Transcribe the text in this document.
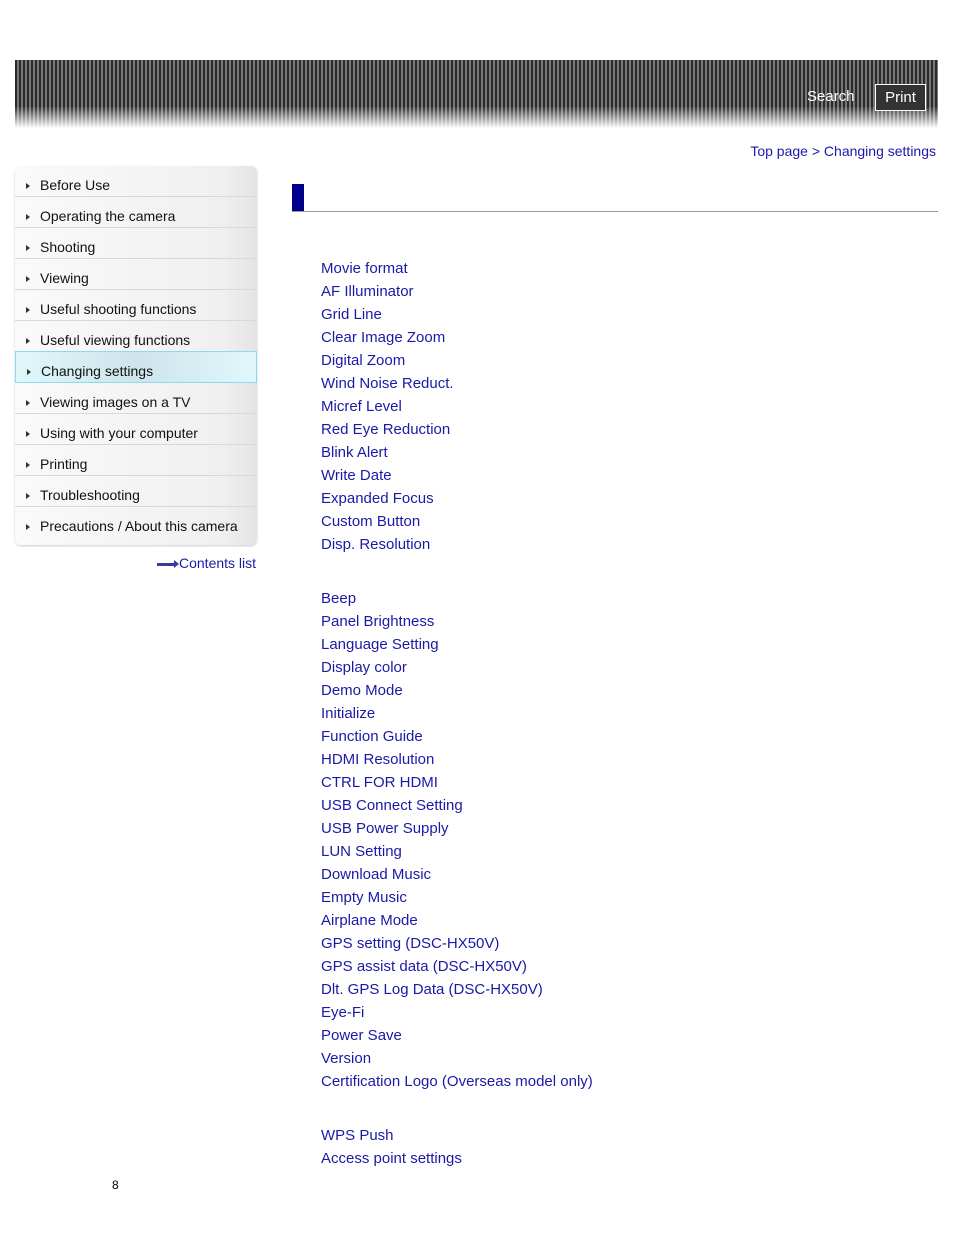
Search	Print
Top page > Changing settings
Before Use
Operating the camera
Shooting
Viewing
Useful shooting functions
Useful viewing functions
Changing settings
Viewing images on a TV
Using with your computer
Printing
Troubleshooting
Precautions / About this camera
Contents list
Movie format
AF Illuminator
Grid Line
Clear Image Zoom
Digital Zoom
Wind Noise Reduct.
Micref Level
Red Eye Reduction
Blink Alert
Write Date
Expanded Focus
Custom Button
Disp. Resolution
Beep
Panel Brightness
Language Setting
Display color
Demo Mode
Initialize
Function Guide
HDMI Resolution
CTRL FOR HDMI
USB Connect Setting
USB Power Supply
LUN Setting
Download Music
Empty Music
Airplane Mode
GPS setting (DSC-HX50V)
GPS assist data (DSC-HX50V)
Dlt. GPS Log Data (DSC-HX50V)
Eye-Fi
Power Save
Version
Certification Logo (Overseas model only)
WPS Push
Access point settings
8
